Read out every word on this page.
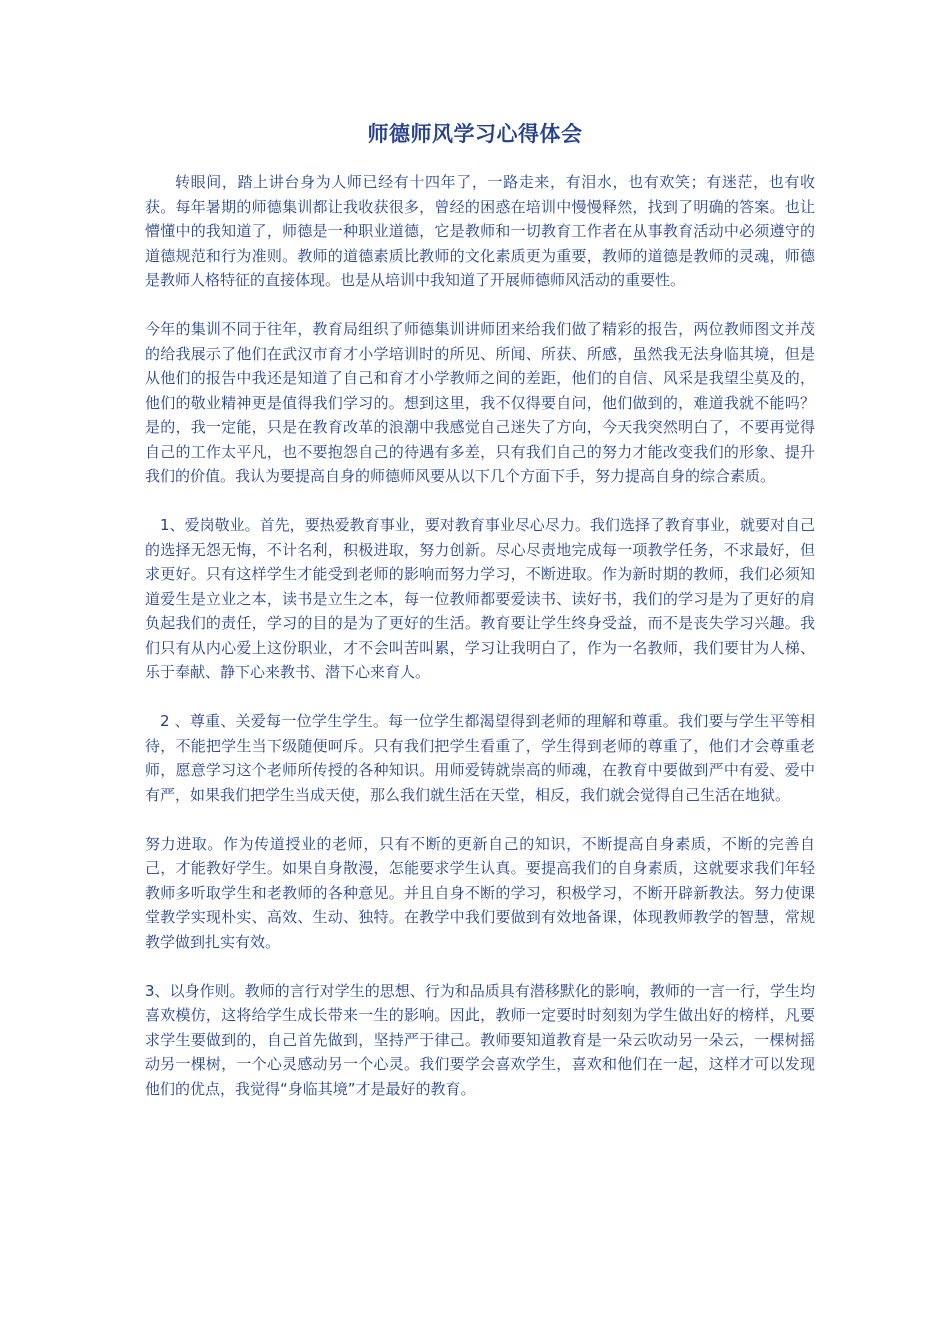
师德师风学习心得体会

转眼间，踏上讲台身为人师已经有十四年了，一路走来，有泪水，也有欢笑；有迷茫，也有收获。每年暑期的师德集训都让我收获很多，曾经的困惑在培训中慢慢释然，找到了明确的答案。也让懵懂中的我知道了，师德是一种职业道德，它是教师和一切教育工作者在从事教育活动中必须遵守的道德规范和行为准则。教师的道德素质比教师的文化素质更为重要，教师的道德是教师的灵魂，师德是教师人格特征的直接体现。也是从培训中我知道了开展师德师风活动的重要性。

今年的集训不同于往年，教育局组织了师德集训讲师团来给我们做了精彩的报告，两位教师图文并茂的给我展示了他们在武汉市育才小学培训时的所见、所闻、所获、所感，虽然我无法身临其境，但是从他们的报告中我还是知道了自己和育才小学教师之间的差距，他们的自信、风采是我望尘莫及的，他们的敬业精神更是值得我们学习的。想到这里，我不仅得要自问，他们做到的，难道我就不能吗？是的，我一定能，只是在教育改革的浪潮中我感觉自己迷失了方向，今天我突然明白了，不要再觉得自己的工作太平凡，也不要抱怨自己的待遇有多差，只有我们自己的努力才能改变我们的形象、提升我们的价值。我认为要提高自身的师德师风要从以下几个方面下手，努力提高自身的综合素质。

1、爱岗敬业。首先，要热爱教育事业，要对教育事业尽心尽力。我们选择了教育事业，就要对自己的选择无怨无悔，不计名利，积极进取，努力创新。尽心尽责地完成每一项教学任务，不求最好，但求更好。只有这样学生才能受到老师的影响而努力学习，不断进取。作为新时期的教师，我们必须知道爱生是立业之本，读书是立生之本，每一位教师都要爱读书、读好书，我们的学习是为了更好的肩负起我们的责任，学习的目的是为了更好的生活。教育要让学生终身受益，而不是丧失学习兴趣。我们只有从内心爱上这份职业，才不会叫苦叫累，学习让我明白了，作为一名教师，我们要甘为人梯、乐于奉献、静下心来教书、潜下心来育人。

2 、尊重、关爱每一位学生学生。每一位学生都渴望得到老师的理解和尊重。我们要与学生平等相待，不能把学生当下级随便呵斥。只有我们把学生看重了，学生得到老师的尊重了，他们才会尊重老师，愿意学习这个老师所传授的各种知识。用师爱铸就崇高的师魂，在教育中要做到严中有爱、爱中有严，如果我们把学生当成天使，那么我们就生活在天堂，相反，我们就会觉得自己生活在地狱。

努力进取。作为传道授业的老师，只有不断的更新自己的知识，不断提高自身素质，不断的完善自己，才能教好学生。如果自身散漫，怎能要求学生认真。要提高我们的自身素质，这就要求我们年轻教师多听取学生和老教师的各种意见。并且自身不断的学习，积极学习，不断开辟新教法。努力使课堂教学实现朴实、高效、生动、独特。在教学中我们要做到有效地备课，体现教师教学的智慧，常规教学做到扎实有效。

3、以身作则。教师的言行对学生的思想、行为和品质具有潜移默化的影响，教师的一言一行，学生均喜欢模仿，这将给学生成长带来一生的影响。因此，教师一定要时时刻刻为学生做出好的榜样，凡要求学生要做到的，自己首先做到，坚持严于律己。教师要知道教育是一朵云吹动另一朵云，一棵树摇动另一棵树，一个心灵感动另一个心灵。我们要学会喜欢学生，喜欢和他们在一起，这样才可以发现他们的优点，我觉得“身临其境”才是最好的教育。
